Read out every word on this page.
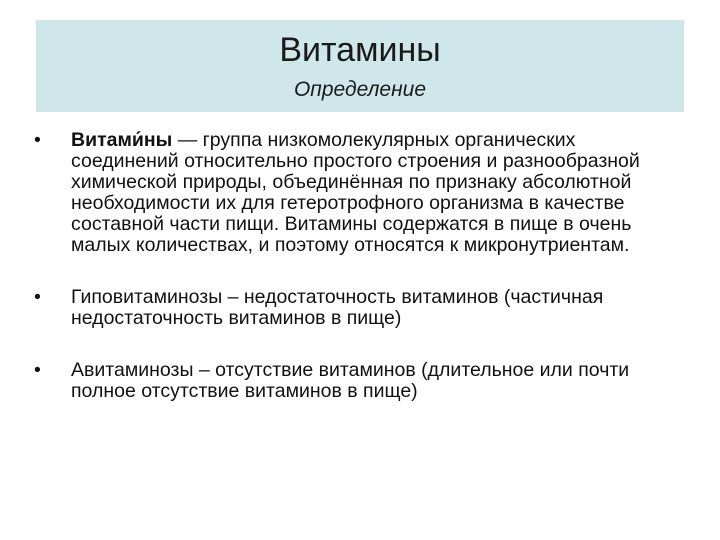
Витамины
Определение
•	Витами́ны — группа низкомолекулярных органических соединений относительно простого строения и разнообразной химической природы, объединённая по признаку абсолютной необходимости их для гетеротрофного организма в качестве составной части пищи. Витамины содержатся в пище в очень малых количествах, и поэтому относятся к микронутриентам.
•	Гиповитаминозы – недостаточность витаминов (частичная недостаточность витаминов в пище)
•	Авитаминозы – отсутствие витаминов (длительное или почти полное отсутствие витаминов в пище)
